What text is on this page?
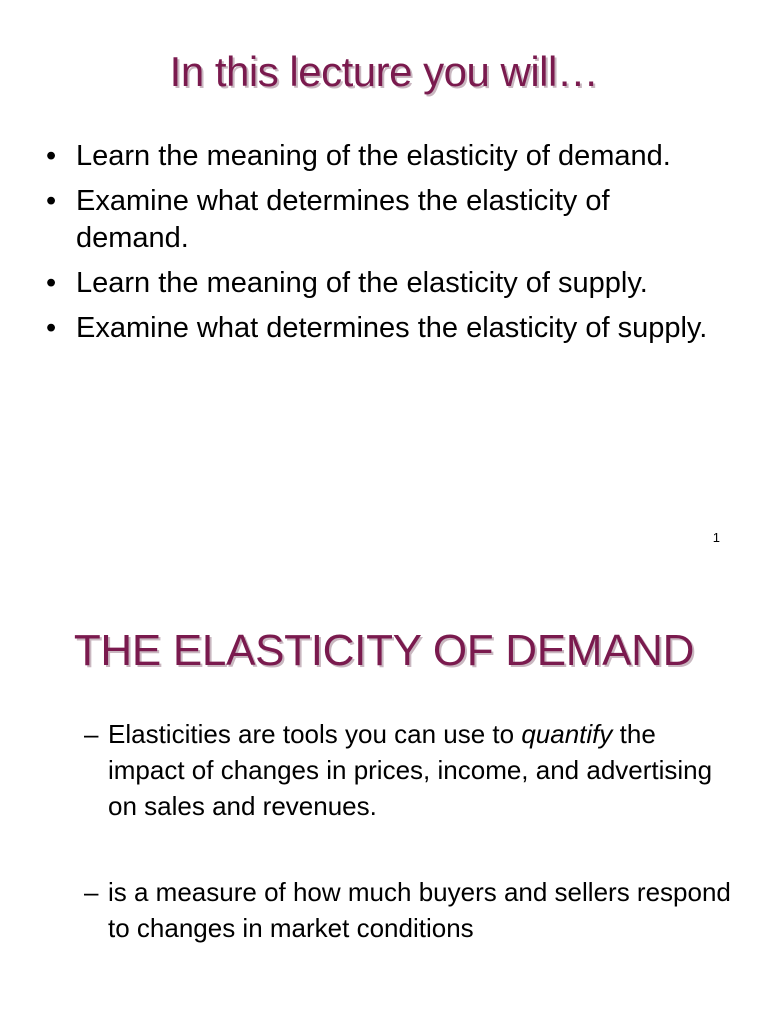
In this lecture you will…
• Learn the meaning of the elasticity of demand.
• Examine what determines the elasticity of demand.
• Learn the meaning of the elasticity of supply.
• Examine what determines the elasticity of supply.
1
THE ELASTICITY OF DEMAND
– Elasticities are tools you can use to quantify the impact of changes in prices, income, and advertising on sales and revenues.
– is a measure of how much buyers and sellers respond to changes in market conditions
